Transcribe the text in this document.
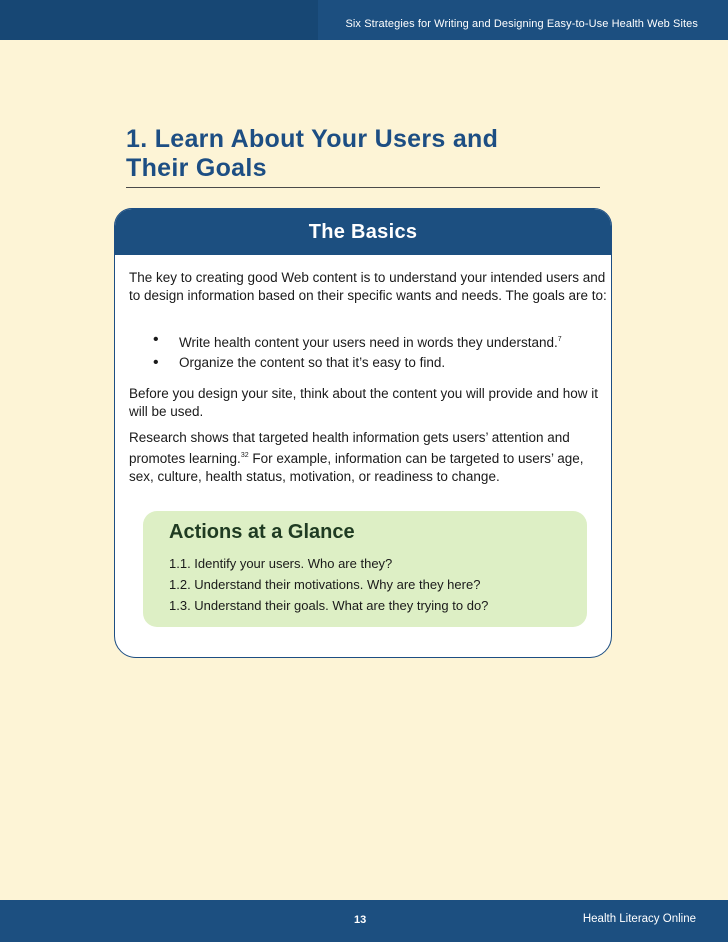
Six Strategies for Writing and Designing Easy-to-Use Health Web Sites
1. Learn About Your Users and
Their Goals
The Basics

The key to creating good Web content is to understand your intended users and to design information based on their specific wants and needs. The goals are to:

• Write health content your users need in words they understand.$^7$
• Organize the content so that it’s easy to find.

Before you design your site, think about the content you will provide and how it will be used.

Research shows that targeted health information gets users’ attention and promotes learning.$^{32}$ For example, information can be targeted to users’ age, sex, culture, health status, motivation, or readiness to change.

Actions at a Glance
1.1. Identify your users. Who are they?
1.2. Understand their motivations. Why are they here?
1.3. Understand their goals. What are they trying to do?
13	Health Literacy Online
